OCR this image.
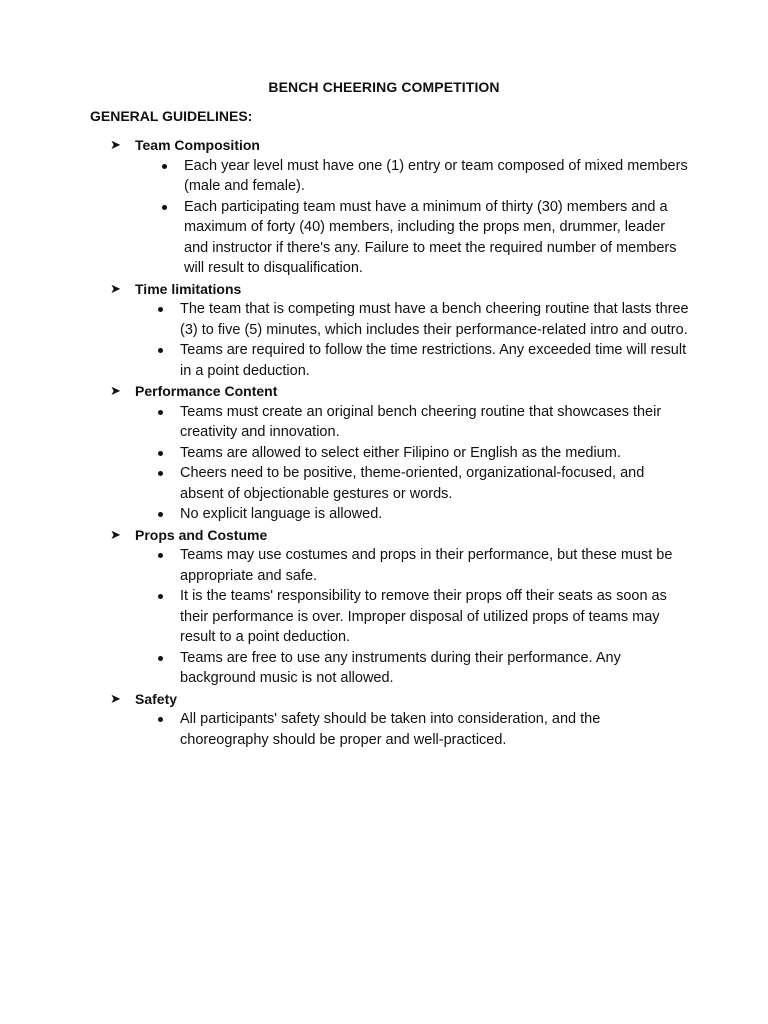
BENCH CHEERING COMPETITION
GENERAL GUIDELINES:
➤	Team Composition
Each year level must have one (1) entry or team composed of mixed members (male and female).
Each participating team must have a minimum of thirty (30) members and a maximum of forty (40) members, including the props men, drummer, leader and instructor if there's any. Failure to meet the required number of members will result to disqualification.
➤	Time limitations
The team that is competing must have a bench cheering routine that lasts three (3) to five (5) minutes, which includes their performance-related intro and outro.
Teams are required to follow the time restrictions. Any exceeded time will result in a point deduction.
➤	Performance Content
Teams must create an original bench cheering routine that showcases their creativity and innovation.
Teams are allowed to select either Filipino or English as the medium.
Cheers need to be positive, theme-oriented, organizational-focused, and absent of objectionable gestures or words.
No explicit language is allowed.
➤	Props and Costume
Teams may use costumes and props in their performance, but these must be appropriate and safe.
It is the teams' responsibility to remove their props off their seats as soon as their performance is over. Improper disposal of utilized props of teams may result to a point deduction.
Teams are free to use any instruments during their performance. Any background music is not allowed.
➤	Safety
All participants' safety should be taken into consideration, and the choreography should be proper and well-practiced.
